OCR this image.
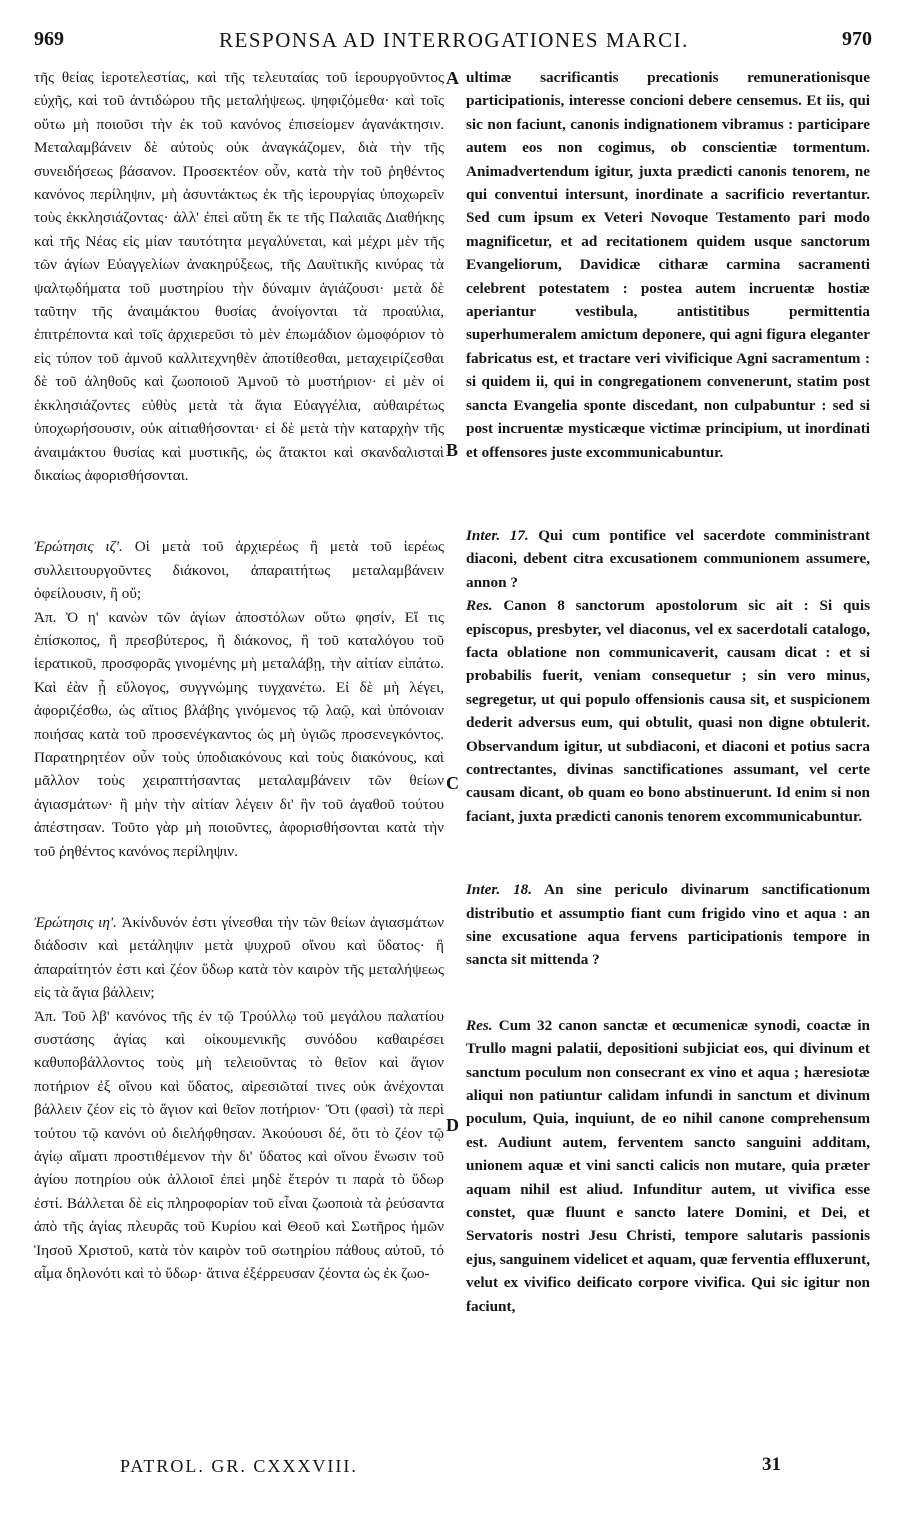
969	RESPONSA AD INTERROGATIONES MARCI.	970

τῆς θείας ἱεροτελεστίας, καὶ τῆς τελευταίας τοῦ ἱερουργοῦντος εὐχῆς, καὶ τοῦ ἀντιδώρου τῆς μεταλήψεως. ψηφιζόμεθα· καὶ τοῖς οὕτω μὴ ποιοῦσι τὴν ἐκ τοῦ κανόνος ἐπισείομεν ἀγανάκτησιν. Μεταλαμβάνειν δὲ αὐτοὺς οὐκ ἀναγκάζομεν, διὰ τὴν τῆς συνειδήσεως βάσανον. Προσεκτέον οὖν, κατὰ τὴν τοῦ ῥηθέντος κανόνος περίληψιν, μὴ ἀσυντάκτως ἐκ τῆς ἱερουργίας ὑποχωρεῖν τοὺς ἐκκλησιάζοντας· ἀλλ' ἐπεὶ αὕτη ἔκ τε τῆς Παλαιᾶς Διαθήκης καὶ τῆς Νέας εἰς μίαν ταυτότητα μεγαλύνεται, καὶ μέχρι μὲν τῆς τῶν ἁγίων Εὐαγγελίων ἀνακηρύξεως, τῆς Δαυϊτικῆς κινύρας τὰ ψαλτῳδήματα τοῦ μυστηρίου τὴν δύναμιν ἁγιάζουσι· μετὰ δὲ ταῦτην τῆς ἀναιμάκτου θυσίας ἀνοίγονται τὰ προαύλια, ἐπιτρέποντα καὶ τοῖς ἀρχιερεῦσι τὸ μὲν ἐπωμάδιον ὠμοφόριον τὸ εἰς τύπον τοῦ ἀμνοῦ καλλιτεχνηθὲν ἀποτίθεσθαι, μεταχειρίζεσθαι δὲ τοῦ ἀληθοῦς καὶ ζωοποιοῦ Ἀμνοῦ τὸ μυστήριον· εἰ μὲν οἱ ἐκκλησιάζοντες εὐθὺς μετὰ τὰ ἅγια Εὐαγγέλια, αὐθαιρέτως ὑποχωρήσουσιν, οὐκ αἰτιαθήσονται· εἰ δὲ μετὰ τὴν καταρχὴν τῆς ἀναιμάκτου θυσίας καὶ μυστικῆς, ὡς ἄτακτοι καὶ σκανδαλισταὶ δικαίως ἀφορισθήσονται.

Ἐρώτησις ιζ'. Οἱ μετὰ τοῦ ἀρχιερέως ἢ μετὰ τοῦ ἱερέως συλλειτουργοῦντες διάκονοι, ἀπαραιτήτως μεταλαμβάνειν ὀφείλουσιν, ἢ οὔ;

Ἀπ. Ὁ η' κανὼν τῶν ἁγίων ἀποστόλων οὕτω φησίν, Εἴ τις ἐπίσκοπος, ἢ πρεσβύτερος, ἢ διάκονος, ἢ τοῦ καταλόγου τοῦ ἱερατικοῦ, προσφορᾶς γινομένης μὴ μεταλάβῃ, τὴν αἰτίαν εἰπάτω. Καὶ ἐὰν ᾖ εὔλογος, συγγνώμης τυγχανέτω. Εἰ δὲ μὴ λέγει, ἀφοριζέσθω, ὡς αἴτιος βλάβης γινόμενος τῷ λαῷ, καὶ ὑπόνοιαν ποιήσας κατὰ τοῦ προσενέγκαντος ὡς μὴ ὑγιῶς προσενεγκόντος. Παρατηρητέον οὖν τοὺς ὑποδιακόνους καὶ τοὺς διακόνους, καὶ μᾶλλον τοὺς χειραπτήσαντας μεταλαμβάνειν τῶν θείων ἁγιασμάτων· ἢ μὴν τὴν αἰτίαν λέγειν δι' ἣν τοῦ ἀγαθοῦ τούτου ἀπέστησαν. Τοῦτο γὰρ μὴ ποιοῦντες, ἀφορισθήσονται κατὰ τὴν τοῦ ῥηθέντος κανόνος περίληψιν.

Ἐρώτησις ιη'. Ἀκίνδυνόν ἐστι γίνεσθαι τὴν τῶν θείων ἁγιασμάτων διάδοσιν καὶ μετάληψιν μετὰ ψυχροῦ οἴνου καὶ ὕδατος· ἢ ἀπαραίτητόν ἐστι καὶ ζέον ὕδωρ κατὰ τὸν καιρὸν τῆς μεταλήψεως εἰς τὰ ἅγια βάλλειν;

Ἀπ. Τοῦ λβ' κανόνος τῆς ἐν τῷ Τρούλλῳ τοῦ μεγάλου παλατίου συστάσης ἁγίας καὶ οἰκουμενικῆς συνόδου καθαιρέσει καθυποβάλλοντος τοὺς μὴ τελειοῦντας τὸ θεῖον καὶ ἅγιον ποτήριον ἐξ οἴνου καὶ ὕδατος, αἱρεσιῶταί τινες οὐκ ἀνέχονται βάλλειν ζέον εἰς τὸ ἅγιον καὶ θεῖον ποτήριον· Ὅτι (φασὶ) τὰ περὶ τούτου τῷ κανόνι οὐ διελήφθησαν. Ἀκούουσι δέ, ὅτι τὸ ζέον τῷ ἁγίῳ αἵματι προστιθέμενον τὴν δι' ὕδατος καὶ οἴνου ἕνωσιν τοῦ ἁγίου ποτηρίου οὐκ ἀλλοιοῖ ἐπεὶ μηδὲ ἕτερόν τι παρὰ τὸ ὕδωρ ἐστί. Βάλλεται δὲ εἰς πληροφορίαν τοῦ εἶναι ζωοποιὰ τὰ ῥεύσαντα ἀπὸ τῆς ἁγίας πλευρᾶς τοῦ Κυρίου καὶ Θεοῦ καὶ Σωτῆρος ἡμῶν Ἰησοῦ Χριστοῦ, κατὰ τὸν καιρὸν τοῦ σωτηρίου πάθους αὐτοῦ, τό αἷμα δηλονότι καὶ τὸ ὕδωρ· ἅτινα ἐξέρρευσαν ζέοντα ὡς ἐκ ζωο-

A
B
C
D

ultimæ sacrificantis precationis remunerationisque participationis, interesse concioni debere censemus. Et iis, qui sic non faciunt, canonis indignationem vibramus : participare autem eos non cogimus, ob conscientiæ tormentum. Animadvertendum igitur, juxta prædicti canonis tenorem, ne qui conventui intersunt, inordinate a sacrificio revertantur. Sed cum ipsum ex Veteri Novoque Testamento pari modo magnificetur, et ad recitationem quidem usque sanctorum Evangeliorum, Davidicæ citharæ carmina sacramenti celebrent potestatem : postea autem incruentæ hostiæ aperiantur vestibula, antistitibus permittentia superhumeralem amictum deponere, qui agni figura eleganter fabricatus est, et tractare veri vivificique Agni sacramentum : si quidem ii, qui in congregationem convenerunt, statim post sancta Evangelia sponte discedant, non culpabuntur : sed si post incruentæ mysticæque victimæ principium, ut inordinati et offensores juste excommunicabuntur.

Inter. 17. Qui cum pontifice vel sacerdote comministrant diaconi, debent citra excusationem communionem assumere, annon ?

Res. Canon 8 sanctorum apostolorum sic ait : Si quis episcopus, presbyter, vel diaconus, vel ex sacerdotali catalogo, facta oblatione non communicaverit, causam dicat : et si probabilis fuerit, veniam consequetur ; sin vero minus, segregetur, ut qui populo offensionis causa sit, et suspicionem dederit adversus eum, qui obtulit, quasi non digne obtulerit. Observandum igitur, ut subdiaconi, et diaconi et potius sacra contrectantes, divinas sanctificationes assumant, vel certe causam dicant, ob quam eo bono abstinuerunt. Id enim si non faciant, juxta prædicti canonis tenorem excommunicabuntur.

Inter. 18. An sine periculo divinarum sanctificationum distributio et assumptio fiant cum frigido vino et aqua : an sine excusatione aqua fervens participationis tempore in sancta sit mittenda ?

Res. Cum 32 canon sanctæ et œcumenicæ synodi, coactæ in Trullo magni palatii, depositioni subjiciat eos, qui divinum et sanctum poculum non consecrant ex vino et aqua ; hæresiotæ aliqui non patiuntur calidam infundi in sanctum et divinum poculum, Quia, inquiunt, de eo nihil canone comprehensum est. Audiunt autem, ferventem sancto sanguini additam, unionem aquæ et vini sancti calicis non mutare, quia præter aquam nihil est aliud. Infunditur autem, ut vivifica esse constet, quæ fluunt e sancto latere Domini, et Dei, et Servatoris nostri Jesu Christi, tempore salutaris passionis ejus, sanguinem videlicet et aquam, quæ ferventia effluxerunt, velut ex vivifico deificato corpore vivifica. Qui sic igitur non faciunt,

PATROL. GR. CXXXVIII.	31
